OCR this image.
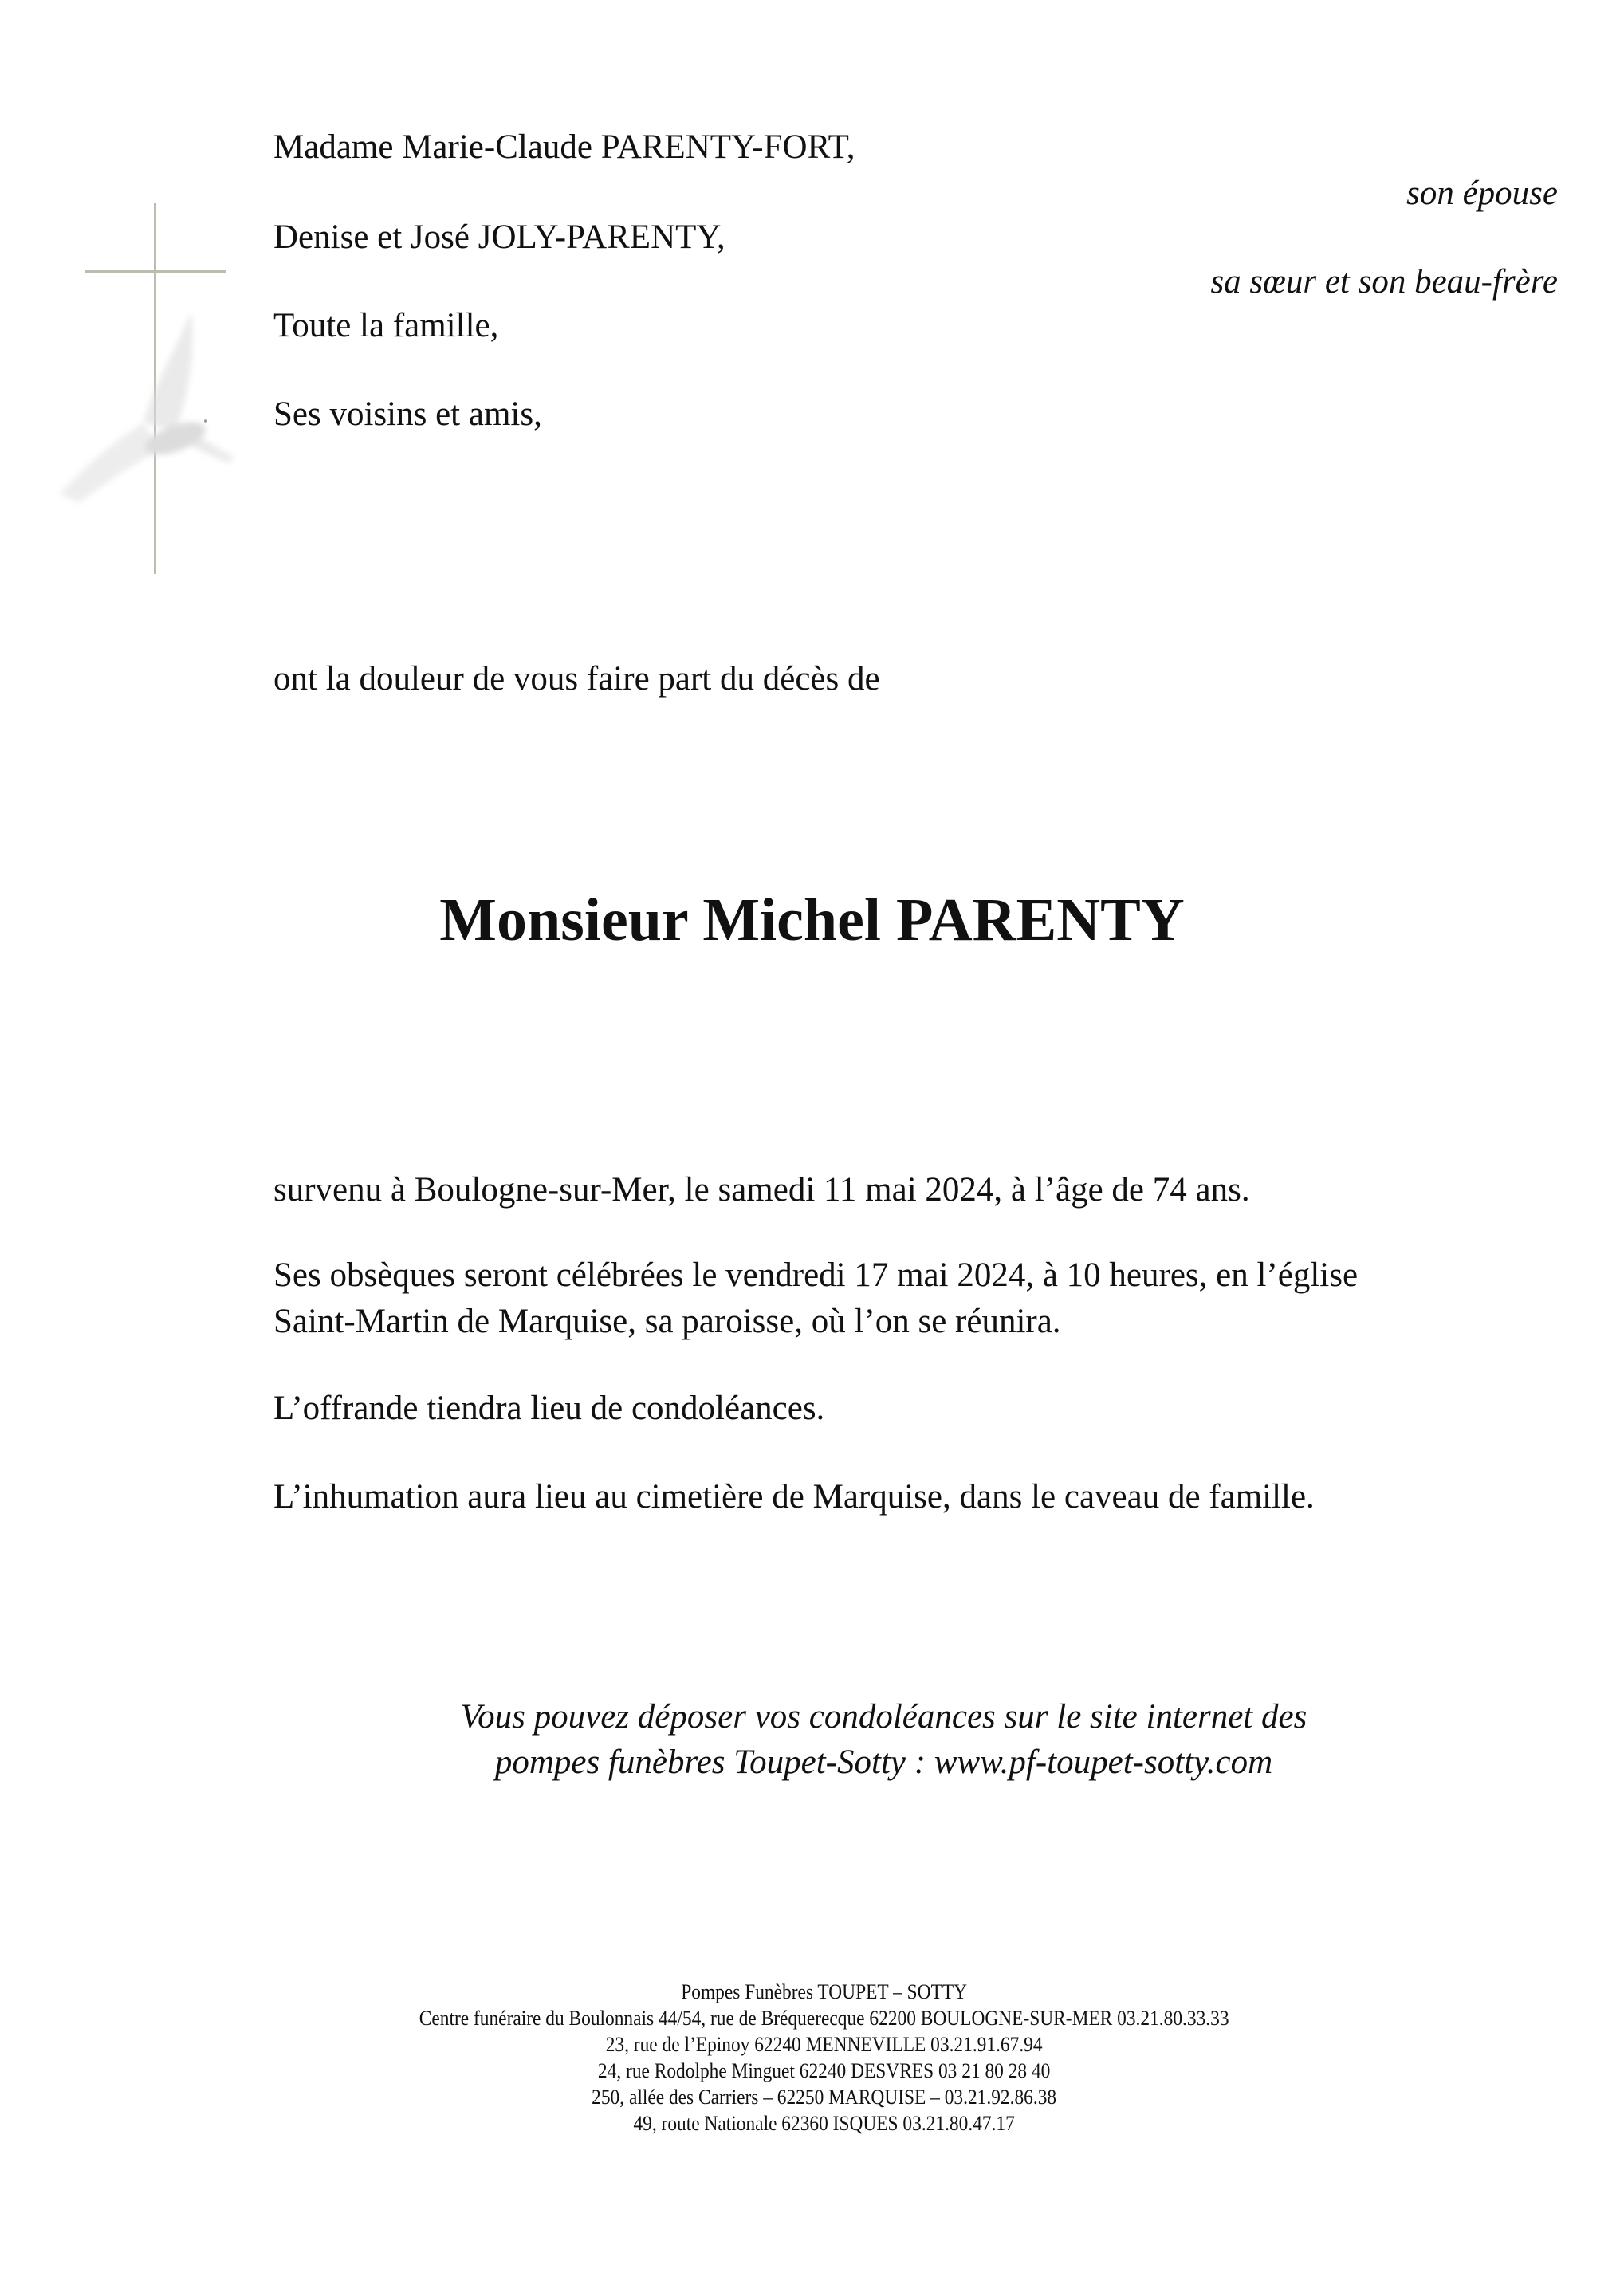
Madame Marie-Claude PARENTY-FORT,
son épouse
Denise et José JOLY-PARENTY,
sa sœur et son beau-frère
Toute la famille,
Ses voisins et amis,
ont la douleur de vous faire part du décès de
Monsieur Michel PARENTY
survenu à Boulogne-sur-Mer, le samedi 11 mai 2024, à l’âge de 74 ans.
Ses obsèques seront célébrées le vendredi 17 mai 2024, à 10 heures, en l’église
Saint-Martin de Marquise, sa paroisse, où l’on se réunira.
L’offrande tiendra lieu de condoléances.
L’inhumation aura lieu au cimetière de Marquise, dans le caveau de famille.
Vous pouvez déposer vos condoléances sur le site internet des
pompes funèbres Toupet-Sotty : www.pf-toupet-sotty.com
Pompes Funèbres TOUPET – SOTTY
Centre funéraire du Boulonnais 44/54, rue de Bréquerecque 62200 BOULOGNE-SUR-MER 03.21.80.33.33
23, rue de l’Epinoy 62240 MENNEVILLE 03.21.91.67.94
24, rue Rodolphe Minguet 62240 DESVRES 03 21 80 28 40
250, allée des Carriers – 62250 MARQUISE – 03.21.92.86.38
49, route Nationale 62360 ISQUES 03.21.80.47.17
